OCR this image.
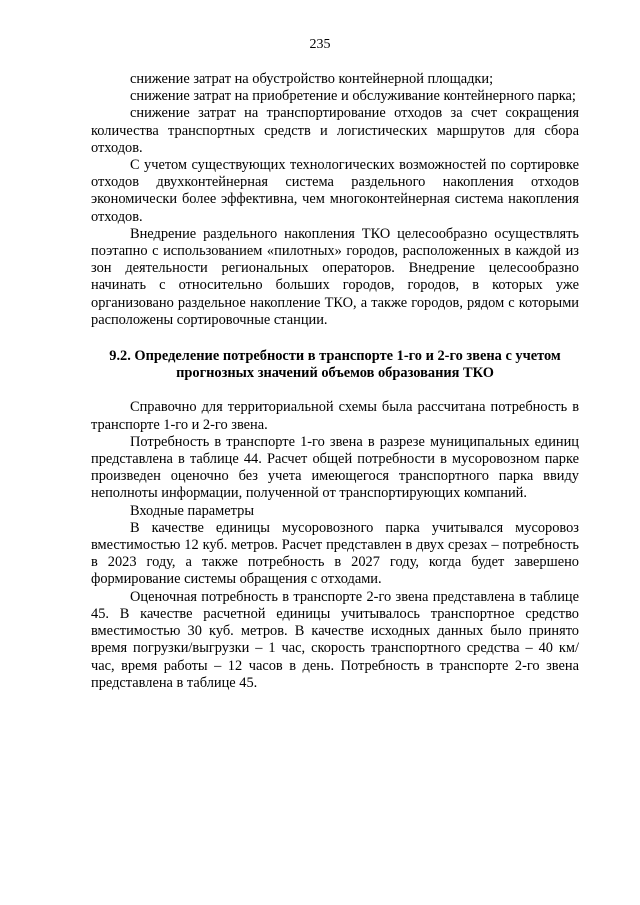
235

снижение затрат на обустройство контейнерной площадки;

снижение затрат на приобретение и обслуживание контейнерного парка;

снижение затрат на транспортирование отходов за счет сокращения количества транспортных средств и логистических маршрутов для сбора отходов.

С учетом существующих технологических возможностей по сортировке отходов двухконтейнерная система раздельного накопления отходов экономически более эффективна, чем многоконтейнерная система накопления отходов.

Внедрение раздельного накопления ТКО целесообразно осуществлять поэтапно с использованием «пилотных» городов, расположенных в каждой из зон деятельности региональных операторов. Внедрение целесообразно начинать с относительно больших городов, городов, в которых уже организовано раздельное накопление ТКО, а также городов, рядом с которыми расположены сортировочные станции.

9.2. Определение потребности в транспорте 1-го и 2-го звена с учетом прогнозных значений объемов образования ТКО

Справочно для территориальной схемы была рассчитана потребность в транспорте 1-го и 2-го звена.

Потребность в транспорте 1-го звена в разрезе муниципальных единиц представлена в таблице 44. Расчет общей потребности в мусоровозном парке произведен оценочно без учета имеющегося транспортного парка ввиду неполноты информации, полученной от транспортирующих компаний.

Входные параметры

В качестве единицы мусоровозного парка учитывался мусоровоз вместимостью 12 куб. метров. Расчет представлен в двух срезах – потребность в 2023 году, а также потребность в 2027 году, когда будет завершено формирование системы обращения с отходами.

Оценочная потребность в транспорте 2-го звена представлена в таблице 45. В качестве расчетной единицы учитывалось транспортное средство вместимостью 30 куб. метров. В качестве исходных данных было принято время погрузки/выгрузки – 1 час, скорость транспортного средства – 40 км/час, время работы – 12 часов в день. Потребность в транспорте 2-го звена представлена в таблице 45.
